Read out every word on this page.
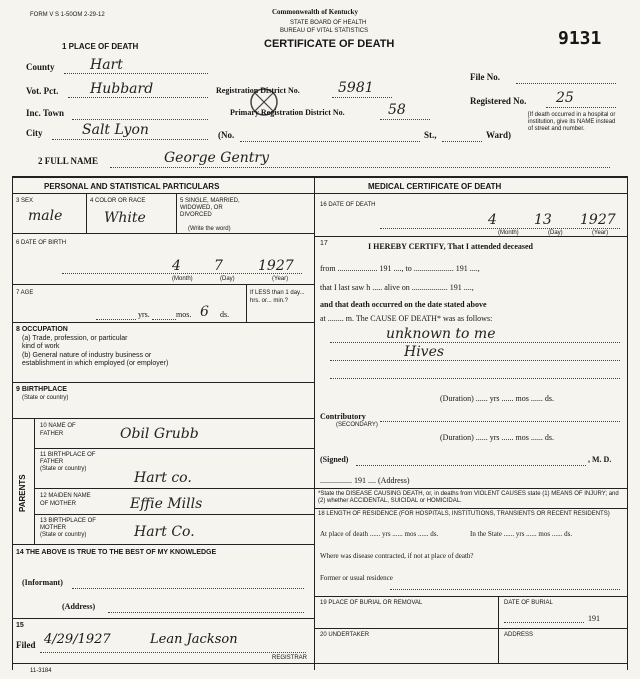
FORM V S 1-50OM 2-29-12	Commonwealth of Kentucky
STATE BOARD OF HEALTH
BUREAU OF VITAL STATISTICS
CERTIFICATE OF DEATH	9131
1 PLACE OF DEATH
County	Hart
Vot. Pct. Hubbard
Inc. Town
City	Salt Lyon
Registration District No.	5981
Primary Registration District No.	58
(No.	St.,	Ward)
File No.
Registered No. 25
[If death occurred in a hospital or institution, give its NAME instead of street and number.
2 FULL NAME	George Gentry
PERSONAL AND STATISTICAL PARTICULARS	MEDICAL CERTIFICATE OF DEATH
3 SEX
male
4 COLOR OR RACE
White
5 SINGLE, MARRIED, WIDOWED, OR DIVORCED
(Write the word)
6 DATE OF BIRTH
4 7	1927
(Month)	(Day)	(Year)
7 AGE
yrs.	mos. 6 ds.
If LESS than 1 day... hrs. or... min.?
8 OCCUPATION
(a) Trade, profession, or particular kind of work
(b) General nature of industry business or establishment in which employed (or employer)
9 BIRTHPLACE
(State or country)
PARENTS
10 NAME OF FATHER	Obil Grubb
11 BIRTHPLACE OF FATHER
(State or country)
Hart co.
12 MAIDEN NAME OF MOTHER	Effie Mills
13 BIRTHPLACE OF MOTHER
(State or country)	Hart Co.
14 THE ABOVE IS TRUE TO THE BEST OF MY KNOWLEDGE
(Informant)
(Address)
15
Filed 4/29/1927	Lean Jackson
REGISTRAR
11-3184
16 DATE OF DEATH
4	13 1927
(Month)	(Day)	(Year)
17	I HEREBY CERTIFY, That I attended deceased
from .................... 191 ...., to .................... 191 ....,
that I last saw h ..... alive on .................. 191 ....,
and that death occurred on the date stated above
at ........ m. The CAUSE OF DEATH* was as follows:
unknown to me
Hives
(Duration) ...... yrs ...... mos ...... ds.
Contributory
(SECONDARY)
(Duration) ...... yrs ...... mos ...... ds.
(Signed)	, M. D.
................ 191 .... (Address)
*State the DISEASE CAUSING DEATH, or, in deaths from VIOLENT CAUSES state (1) MEANS OF INJURY; and (2) whether ACCIDENTAL, SUICIDAL or HOMICIDAL.
18 LENGTH OF RESIDENCE (FOR HOSPITALS, INSTITUTIONS, TRANSIENTS OR RECENT RESIDENTS)
At place of death ...... yrs ...... mos ...... ds.	In the State ...... yrs ...... mos ...... ds.
Where was disease contracted, if not at place of death?
Former or usual residence
19 PLACE OF BURIAL OR REMOVAL	DATE OF BURIAL
191
20 UNDERTAKER	ADDRESS
